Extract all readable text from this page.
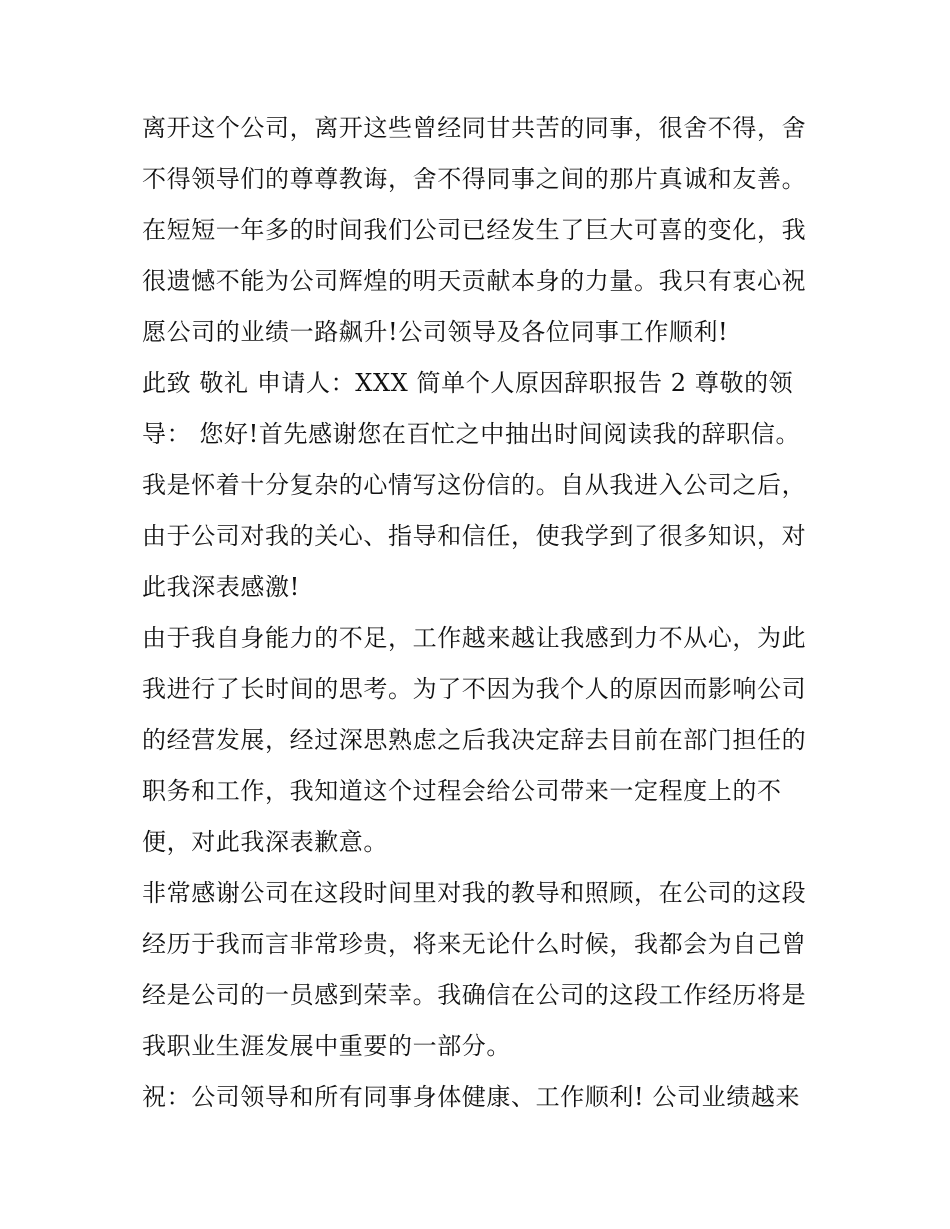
离开这个公司，离开这些曾经同甘共苦的同事，很舍不得，舍
不得领导们的尊尊教诲，舍不得同事之间的那片真诚和友善。
在短短一年多的时间我们公司已经发生了巨大可喜的变化，我
很遗憾不能为公司辉煌的明天贡献本身的力量。我只有衷心祝
愿公司的业绩一路飙升!公司领导及各位同事工作顺利!
此致 敬礼 申请人：XXX 简单个人原因辞职报告 2 尊敬的领
导： 您好!首先感谢您在百忙之中抽出时间阅读我的辞职信。
我是怀着十分复杂的心情写这份信的。自从我进入公司之后，
由于公司对我的关心、指导和信任，使我学到了很多知识，对
此我深表感激!
由于我自身能力的不足，工作越来越让我感到力不从心，为此
我进行了长时间的思考。为了不因为我个人的原因而影响公司
的经营发展，经过深思熟虑之后我决定辞去目前在部门担任的
职务和工作，我知道这个过程会给公司带来一定程度上的不
便，对此我深表歉意。
非常感谢公司在这段时间里对我的教导和照顾，在公司的这段
经历于我而言非常珍贵，将来无论什么时候，我都会为自己曾
经是公司的一员感到荣幸。我确信在公司的这段工作经历将是
我职业生涯发展中重要的一部分。
祝：公司领导和所有同事身体健康、工作顺利! 公司业绩越来
